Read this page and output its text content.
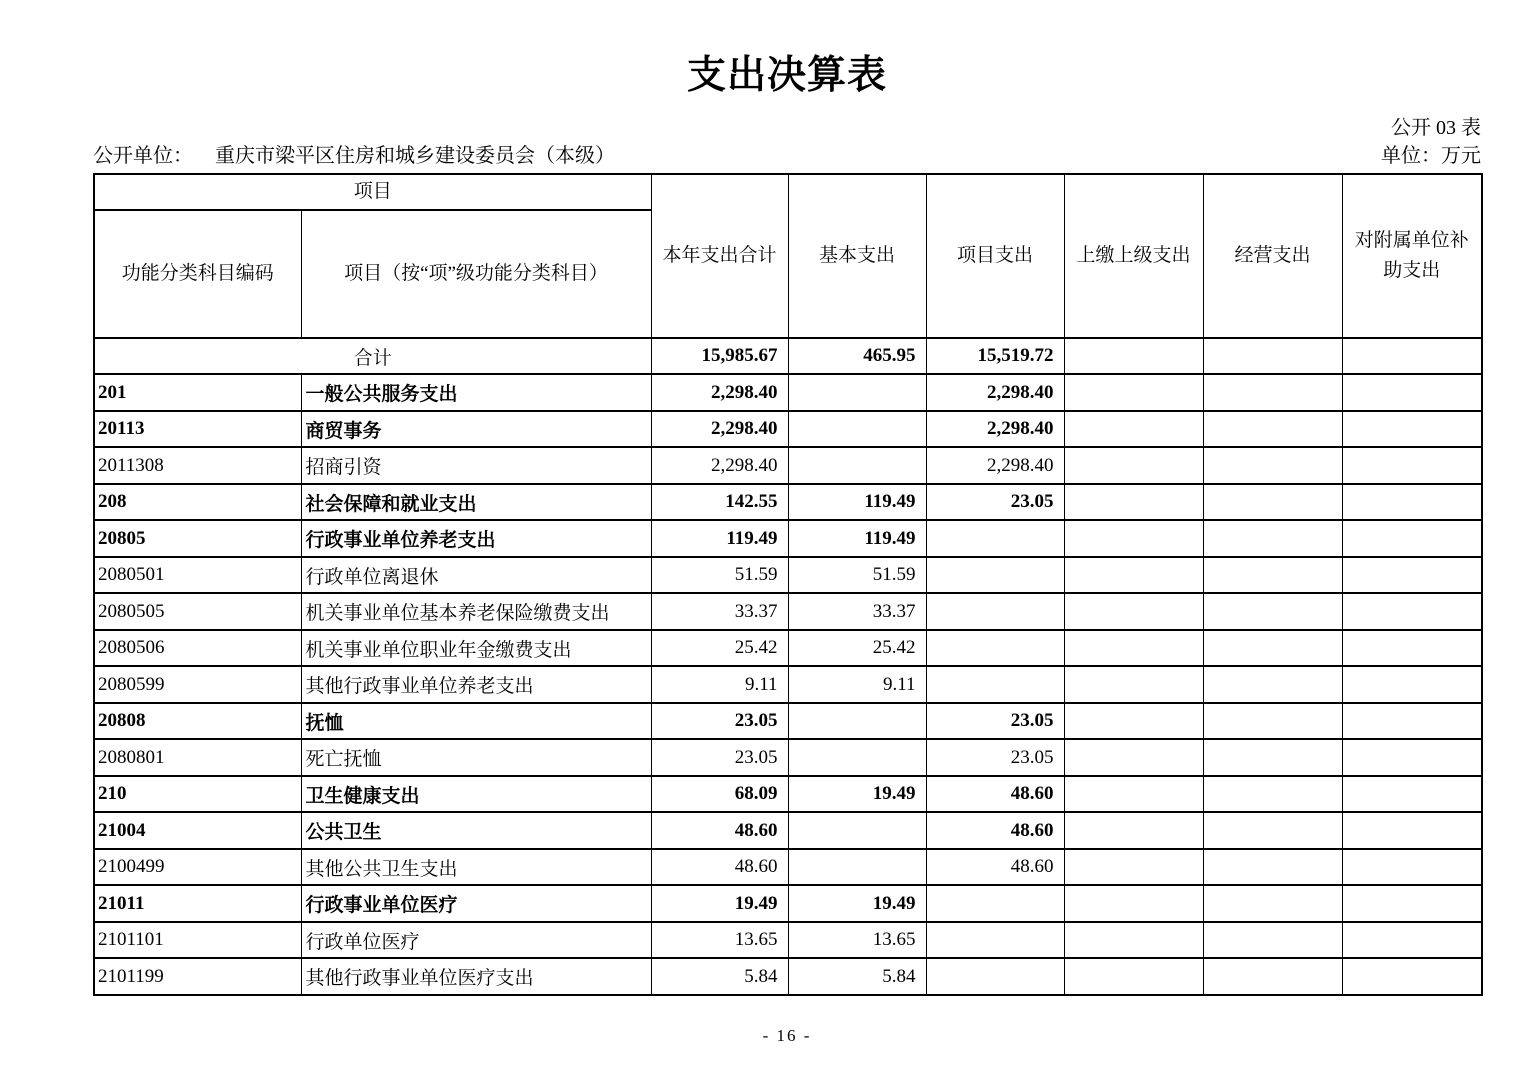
支出决算表
公开 03 表
公开单位： 重庆市梁平区住房和城乡建设委员会（本级）	单位：万元
项目		本年支出合计	基本支出	项目支出	上缴上级支出	经营支出	对附属单位补助支出
功能分类科目编码	项目（按“项”级功能分类科目）						
合计		15,985.67	465.95	15,519.72			
201	一般公共服务支出	2,298.40		2,298.40			
20113	商贸事务	2,298.40		2,298.40			
2011308	招商引资	2,298.40		2,298.40			
208	社会保障和就业支出	142.55	119.49	23.05			
20805	行政事业单位养老支出	119.49	119.49				
2080501	行政单位离退休	51.59	51.59				
2080505	机关事业单位基本养老保险缴费支出	33.37	33.37				
2080506	机关事业单位职业年金缴费支出	25.42	25.42				
2080599	其他行政事业单位养老支出	9.11	9.11				
20808	抚恤	23.05		23.05			
2080801	死亡抚恤	23.05		23.05			
210	卫生健康支出	68.09	19.49	48.60			
21004	公共卫生	48.60		48.60			
2100499	其他公共卫生支出	48.60		48.60			
21011	行政事业单位医疗	19.49	19.49				
2101101	行政单位医疗	13.65	13.65				
2101199	其他行政事业单位医疗支出	5.84	5.84				
- 16 -
